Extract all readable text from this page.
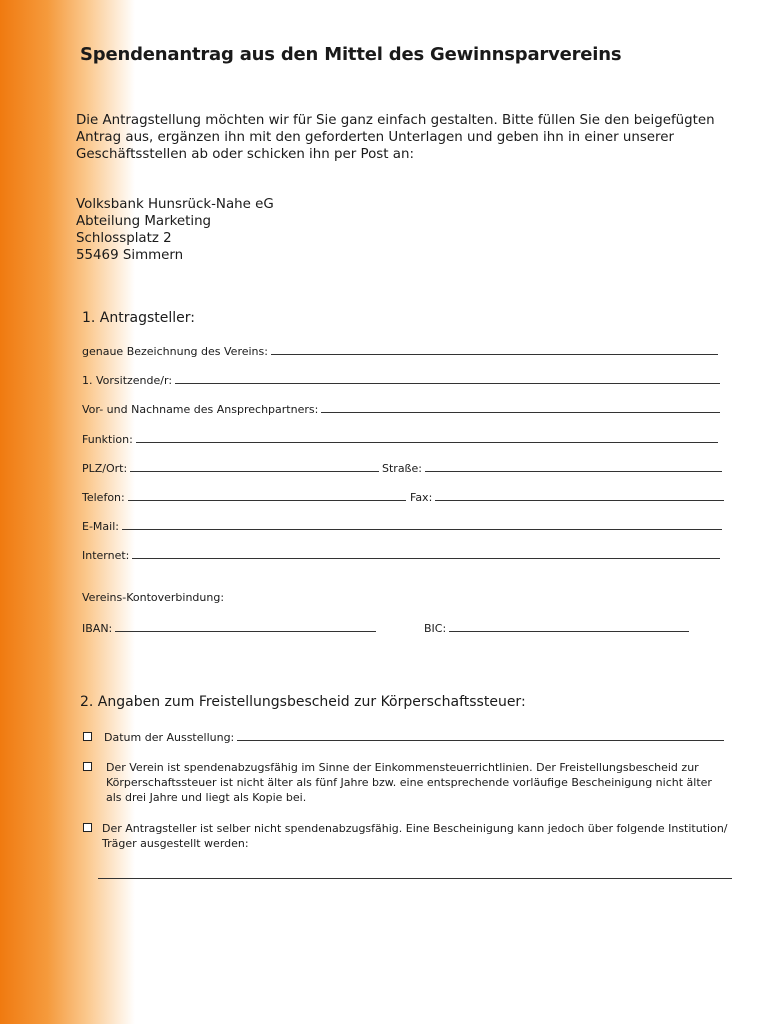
Spendenantrag aus den Mittel des Gewinnsparvereins
Die Antragstellung möchten wir für Sie ganz einfach gestalten. Bitte füllen Sie den beigefügten Antrag aus, ergänzen ihn mit den geforderten Unterlagen und geben ihn in einer unserer Geschäftsstellen ab oder schicken ihn per Post an:
Volksbank Hunsrück-Nahe eG
Abteilung Marketing
Schlossplatz 2
55469 Simmern
1. Antragsteller:
genaue Bezeichnung des Vereins:
1. Vorsitzende/r:
Vor- und Nachname des Ansprechpartners:
Funktion:
PLZ/Ort:	Straße:
Telefon:	Fax:
E-Mail:
Internet:
Vereins-Kontoverbindung:
IBAN:	BIC:
2. Angaben zum Freistellungsbescheid zur Körperschaftssteuer:
Datum der Ausstellung:
Der Verein ist spendenabzugsfähig im Sinne der Einkommensteuerrichtlinien. Der Freistellungsbescheid zur Körperschaftssteuer ist nicht älter als fünf Jahre bzw. eine entsprechende vorläufige Bescheinigung nicht älter als drei Jahre und liegt als Kopie bei.
Der Antragsteller ist selber nicht spendenabzugsfähig. Eine Bescheinigung kann jedoch über folgende Institution/ Träger ausgestellt werden:
